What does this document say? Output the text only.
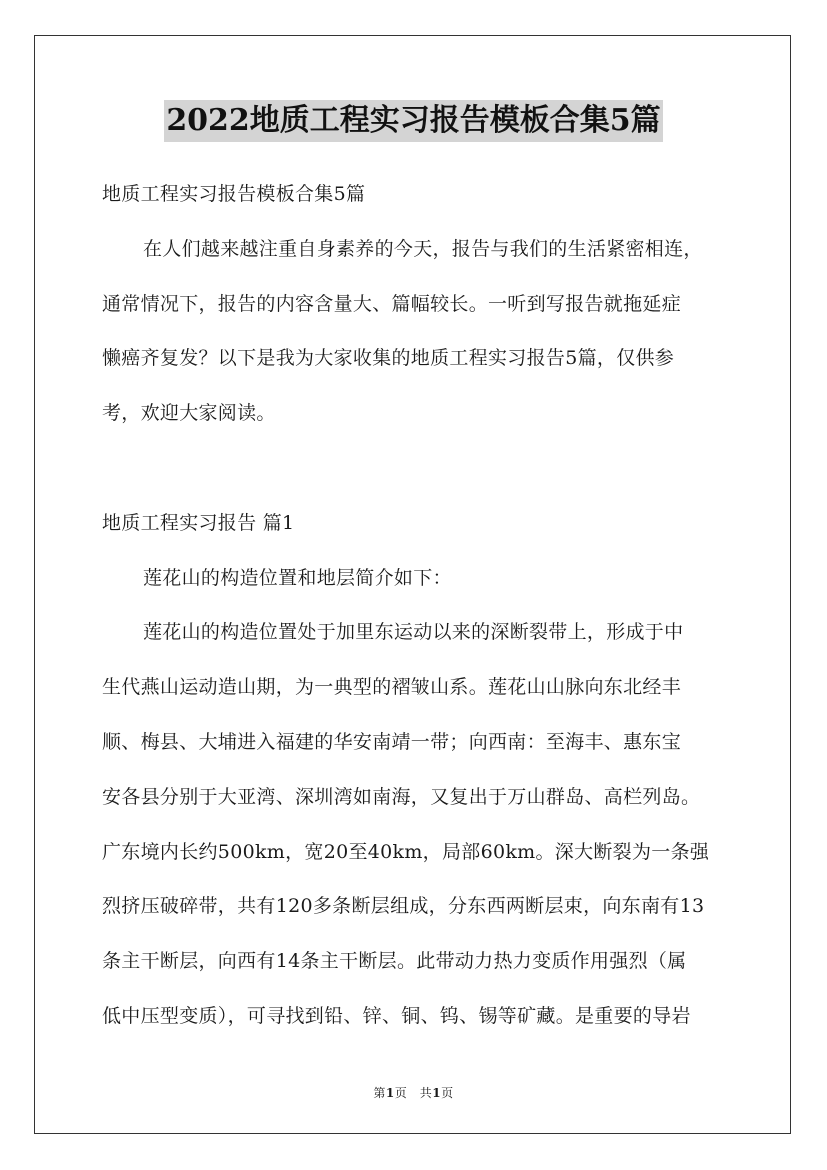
2022地质工程实习报告模板合集5篇
地质工程实习报告模板合集5篇
在人们越来越注重自身素养的今天，报告与我们的生活紧密相连，
通常情况下，报告的内容含量大、篇幅较长。一听到写报告就拖延症
懒癌齐复发？以下是我为大家收集的地质工程实习报告5篇，仅供参
考，欢迎大家阅读。
地质工程实习报告 篇1
莲花山的构造位置和地层简介如下：
莲花山的构造位置处于加里东运动以来的深断裂带上，形成于中
生代燕山运动造山期，为一典型的褶皱山系。莲花山山脉向东北经丰
顺、梅县、大埔进入福建的华安南靖一带；向西南：至海丰、惠东宝
安各县分别于大亚湾、深圳湾如南海，又复出于万山群岛、高栏列岛。
广东境内长约500km，宽20至40km，局部60km。深大断裂为一条强
烈挤压破碎带，共有120多条断层组成，分东西两断层束，向东南有13
条主干断层，向西有14条主干断层。此带动力热力变质作用强烈（属
低中压型变质），可寻找到铅、锌、铜、钨、锡等矿藏。是重要的导岩
第1页　共1页
